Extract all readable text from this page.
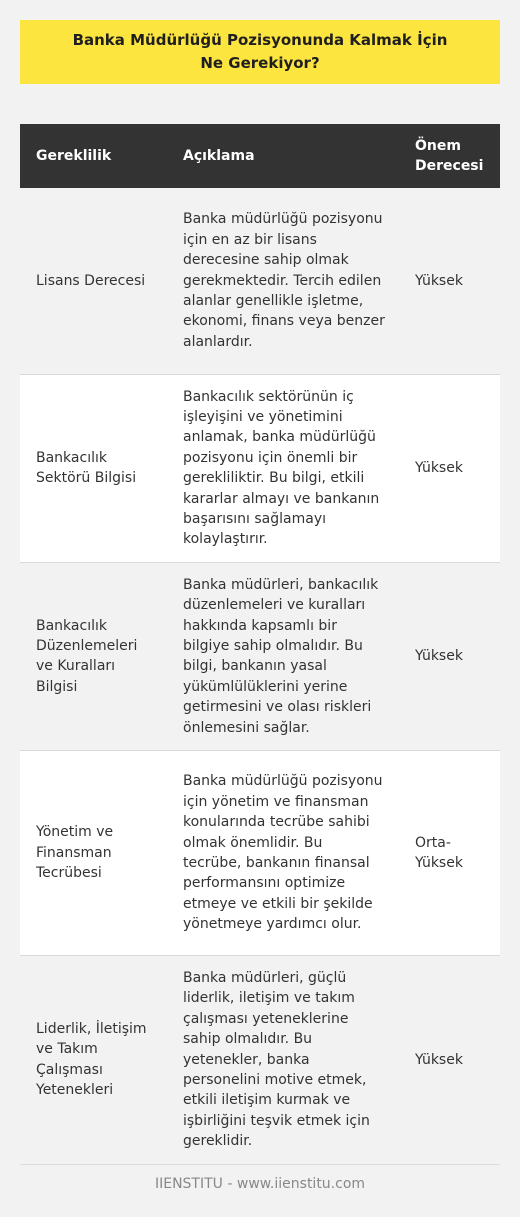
Banka Müdürlüğü Pozisyonunda Kalmak İçin Ne Gerekiyor?
Gereklilik	Açıklama	Önem Derecesi
Lisans Derecesi	Banka müdürlüğü pozisyonu için en az bir lisans derecesine sahip olmak gerekmektedir. Tercih edilen alanlar genellikle işletme, ekonomi, finans veya benzer alanlardır.	Yüksek
Bankacılık Sektörü Bilgisi	Bankacılık sektörünün iç işleyişini ve yönetimini anlamak, banka müdürlüğü pozisyonu için önemli bir gerekliliktir. Bu bilgi, etkili kararlar almayı ve bankanın başarısını sağlamayı kolaylaştırır.	Yüksek
Bankacılık Düzenlemeleri ve Kuralları Bilgisi	Banka müdürleri, bankacılık düzenlemeleri ve kuralları hakkında kapsamlı bir bilgiye sahip olmalıdır. Bu bilgi, bankanın yasal yükümlülüklerini yerine getirmesini ve olası riskleri önlemesini sağlar.	Yüksek
Yönetim ve Finansman Tecrübesi	Banka müdürlüğü pozisyonu için yönetim ve finansman konularında tecrübe sahibi olmak önemlidir. Bu tecrübe, bankanın finansal performansını optimize etmeye ve etkili bir şekilde yönetmeye yardımcı olur.	Orta-Yüksek
Liderlik, İletişim ve Takım Çalışması Yetenekleri	Banka müdürleri, güçlü liderlik, iletişim ve takım çalışması yeteneklerine sahip olmalıdır. Bu yetenekler, banka personelini motive etmek, etkili iletişim kurmak ve işbirliğini teşvik etmek için gereklidir.	Yüksek
IIENSTITU - www.iienstitu.com
